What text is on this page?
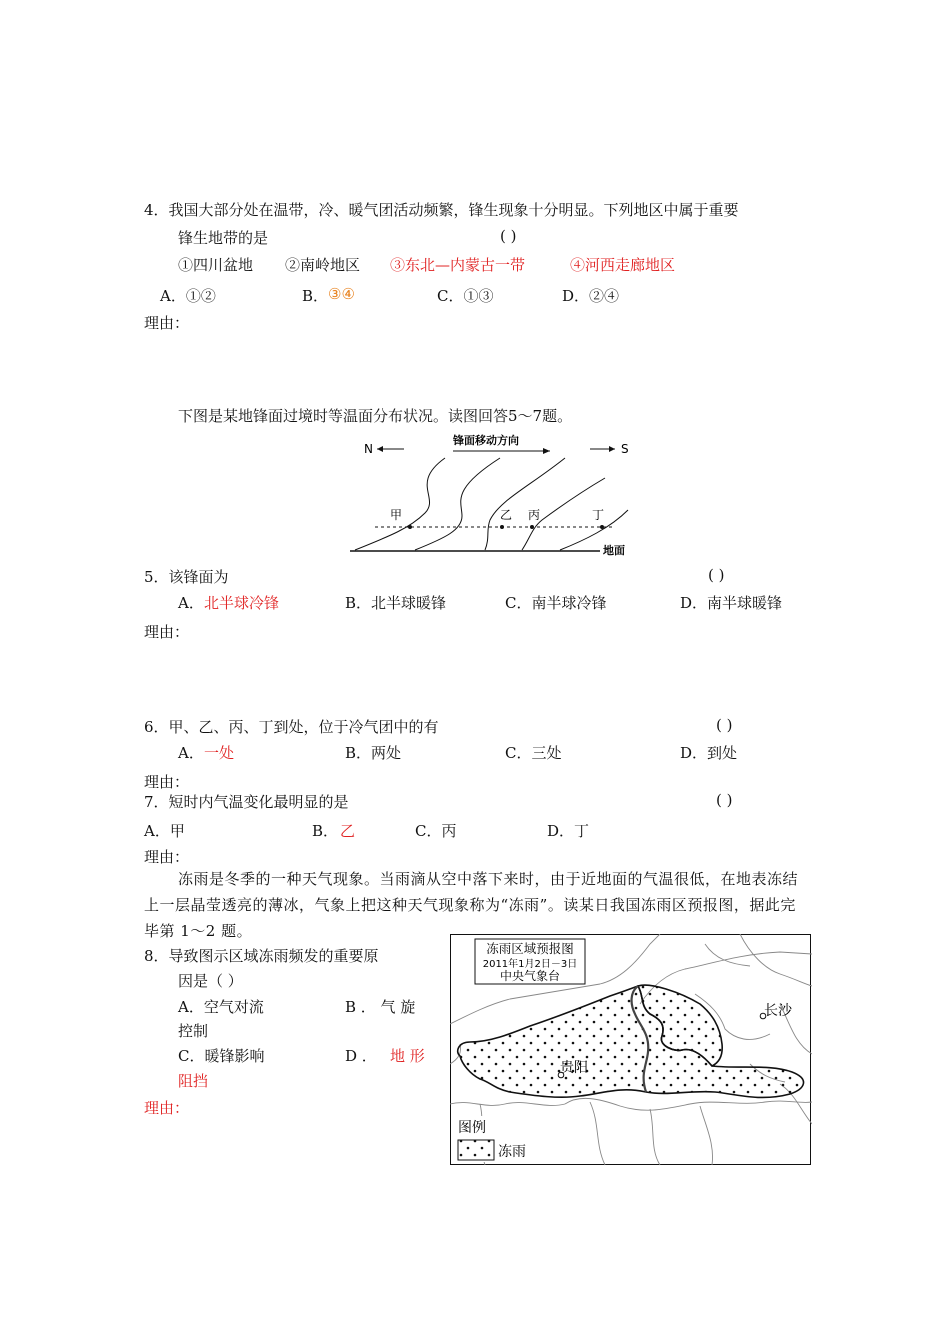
4．我国大部分处在温带，冷、暖气团活动频繁，锋生现象十分明显。下列地区中属于重要
锋生地带的是	( )
①四川盆地 ②南岭地区 ③东北—内蒙古一带	④河西走廊地区
A．①②	B． ③④	C．①③	D．②④
理由：
下图是某地锋面过境时等温面分布状况。读图回答5～7题。
N
锋面移动方向
S
甲	乙 丙	丁
地面
5．该锋面为	( )
A． 北半球冷锋	B．北半球暖锋	C．南半球冷锋	D．南半球暖锋
理由：
6．甲、乙、丙、丁到处，位于冷气团中的有	( )
A． 一处	B．两处	C．三处	D．到处
理由：
7．短时内气温变化最明显的是	( )
A．甲	B． 乙	C．丙	D．丁
理由：
冻雨是冬季的一种天气现象。当雨滴从空中落下来时，由于近地面的气温很低，在地表冻结上一层晶莹透亮的薄冰，气象上把这种天气现象称为“冻雨”。读某日我国冻雨区预报图，据此完毕第 1～2 题。
8．导致图示区域冻雨频发的重要原
因是（ ）
A．空气对流	B ． 气 旋
控制
C．暖锋影响	D ． 地 形
阻挡
理由：
冻雨区域预报图
2011年1月2日－3日
中央气象台
长沙
贵阳
图例
冻雨
